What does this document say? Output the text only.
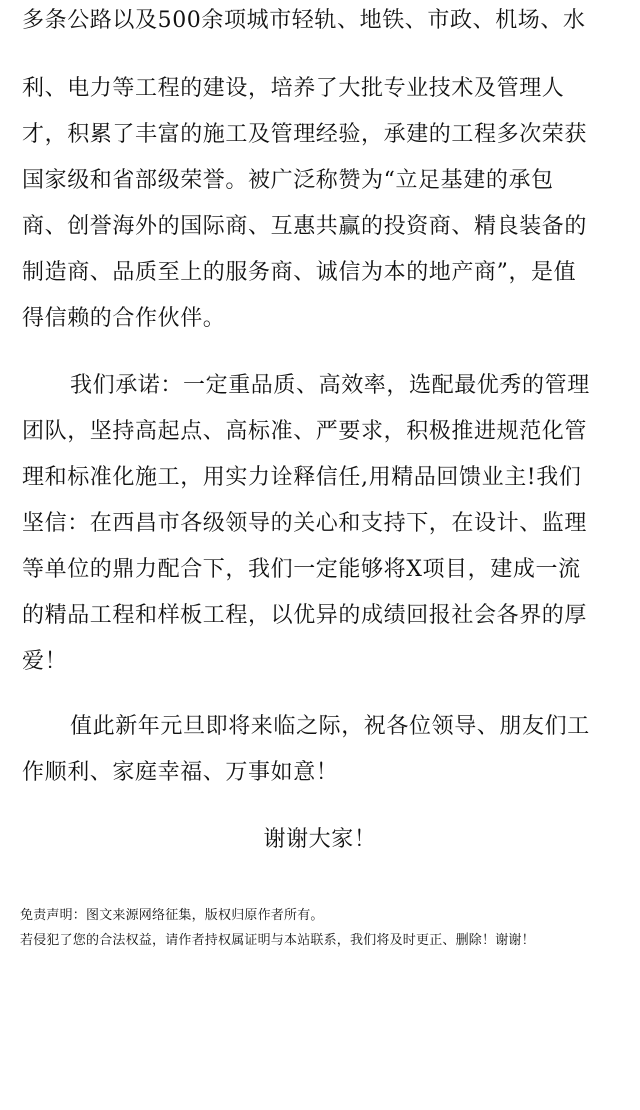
多条公路以及500余项城市轻轨、地铁、市政、机场、水
利、电力等工程的建设，培养了大批专业技术及管理人
才，积累了丰富的施工及管理经验，承建的工程多次荣获
国家级和省部级荣誉。被广泛称赞为“立足基建的承包
商、创誉海外的国际商、互惠共赢的投资商、精良装备的
制造商、品质至上的服务商、诚信为本的地产商”，是值
得信赖的合作伙伴。
我们承诺：一定重品质、高效率，选配最优秀的管理
团队，坚持高起点、高标准、严要求，积极推进规范化管
理和标准化施工，用实力诠释信任,用精品回馈业主!我们
坚信：在西昌市各级领导的关心和支持下，在设计、监理
等单位的鼎力配合下，我们一定能够将X项目，建成一流
的精品工程和样板工程，以优异的成绩回报社会各界的厚
爱！
值此新年元旦即将来临之际，祝各位领导、朋友们工
作顺利、家庭幸福、万事如意！
谢谢大家！
免责声明：图文来源网络征集，版权归原作者所有。
若侵犯了您的合法权益，请作者持权属证明与本站联系，我们将及时更正、删除！谢谢！
